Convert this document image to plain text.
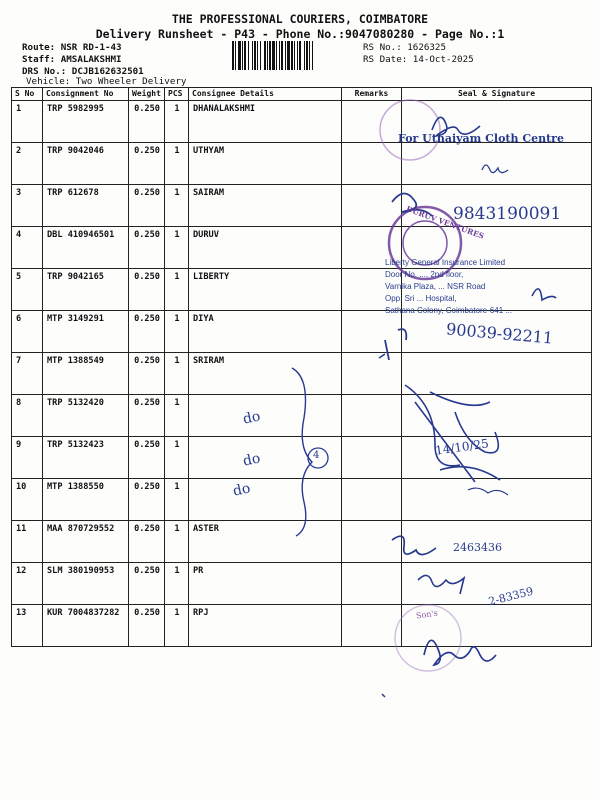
THE PROFESSIONAL COURIERS, COIMBATORE
Delivery Runsheet - P43 - Phone No.:9047080280 - Page No.:1
Route: NSR RD-1-43
Staff: AMSALAKSHMI
DRS No.: DCJB162632501
Vehicle: Two Wheeler Delivery
RS No.: 1626325
RS Date: 14-Oct-2025
S No	Consignment No	Weight	PCS	Consignee Details	Remarks	Seal & Signature
1	TRP 5982995	0.250	1	DHANALAKSHMI		
2	TRP 9042046	0.250	1	UTHYAM		
3	TRP 612678	0.250	1	SAIRAM		
4	DBL 410946501	0.250	1	DURUV		
5	TRP 9042165	0.250	1	LIBERTY		
6	MTP 3149291	0.250	1	DIYA		
7	MTP 1388549	0.250	1	SRIRAM		
8	TRP 5132420	0.250	1			
9	TRP 5132423	0.250	1			
10	MTP 1388550	0.250	1			
11	MAA 870729552	0.250	1	ASTER		
12	SLM 380190953	0.250	1	PR		
13	KUR 7004837282	0.250	1	RPJ		
For Uthaiyam Cloth Centre
9843190091
DURUV VENTURES
Liberty General Insurance Limited
Door No. ..., 2nd floor,
Varnika Plaza, ... NSR Road
Opp. Sri ... Hospital,
Sathana Colony, Coimbatore-641 ...
90039-92211
do
do
do
4	14/10/25
2463436
2-83359
Son's
